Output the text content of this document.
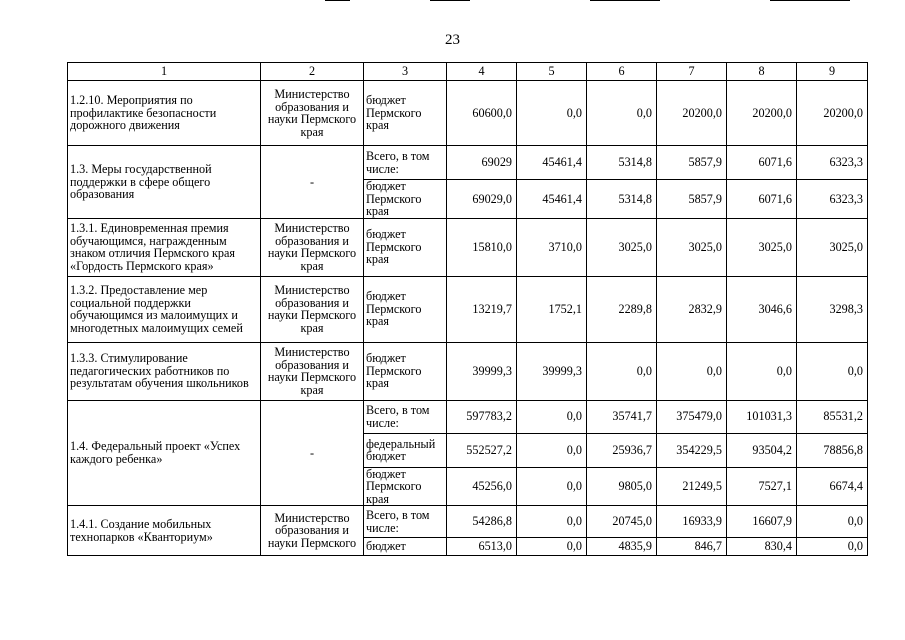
23
1	2	3	4	5	6	7	8	9
1.2.10. Мероприятия по профилактике безопасности дорожного движения	Министерство образования и науки Пермского края	бюджет Пермского края	60600,0	0,0	0,0	20200,0	20200,0	20200,0
1.3. Меры государственной поддержки в сфере общего образования	-	Всего, в том числе:	69029	45461,4	5314,8	5857,9	6071,6	6323,3
		бюджет Пермского края	69029,0	45461,4	5314,8	5857,9	6071,6	6323,3
1.3.1. Единовременная премия обучающимся, награжденным знаком отличия Пермского края «Гордость Пермского края»	Министерство образования и науки Пермского края	бюджет Пермского края	15810,0	3710,0	3025,0	3025,0	3025,0	3025,0
1.3.2. Предоставление мер социальной поддержки обучающимся из малоимущих и многодетных малоимущих семей	Министерство образования и науки Пермского края	бюджет Пермского края	13219,7	1752,1	2289,8	2832,9	3046,6	3298,3
1.3.3. Стимулирование педагогических работников по результатам обучения школьников	Министерство образования и науки Пермского края	бюджет Пермского края	39999,3	39999,3	0,0	0,0	0,0	0,0
1.4. Федеральный проект «Успех каждого ребенка»	-	Всего, в том числе:	597783,2	0,0	35741,7	375479,0	101031,3	85531,2
		федеральный бюджет	552527,2	0,0	25936,7	354229,5	93504,2	78856,8
		бюджет Пермского края	45256,0	0,0	9805,0	21249,5	7527,1	6674,4
1.4.1. Создание мобильных технопарков «Кванториум»	Министерство образования и науки Пермского	Всего, в том числе:	54286,8	0,0	20745,0	16933,9	16607,9	0,0
		бюджет	6513,0	0,0	4835,9	846,7	830,4	0,0
